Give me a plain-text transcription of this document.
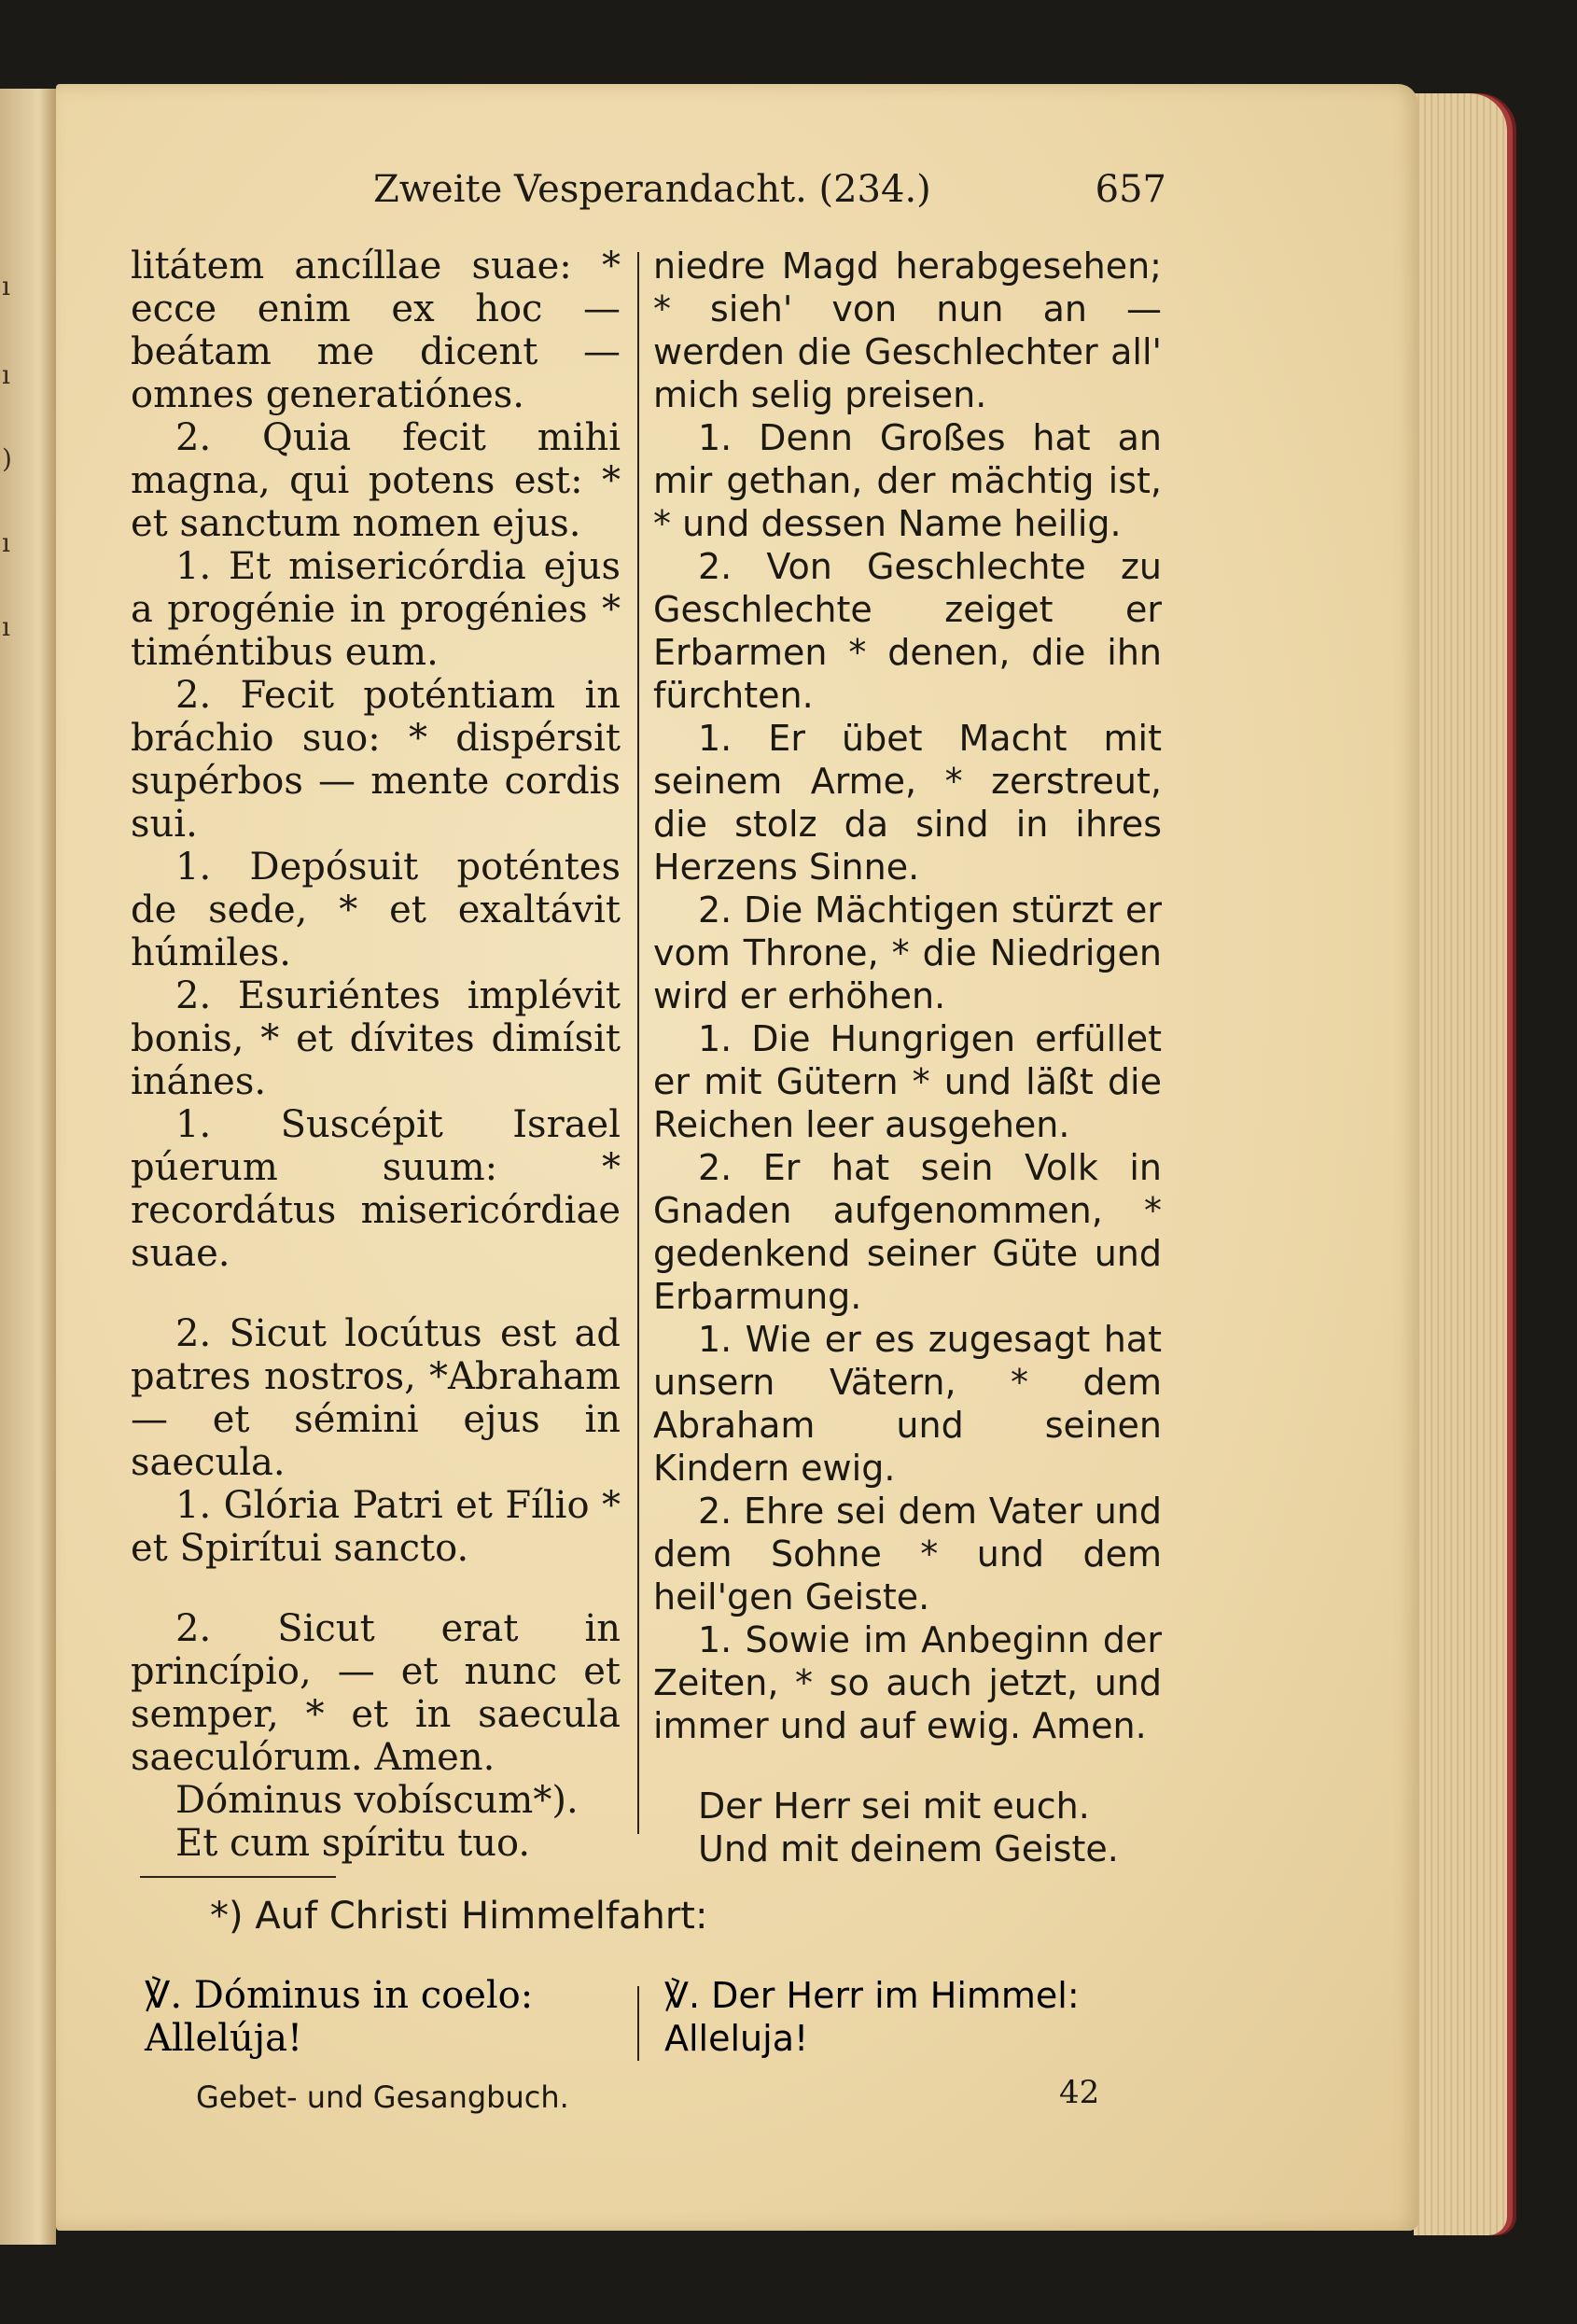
ı
ı
)
ı
ı
Zweite Vesperandacht. (234.)	657

litátem ancíllae suae: * ecce enim ex hoc — beátam me dicent — omnes generatiónes.

2. Quia fecit mihi magna, qui potens est: * et sanctum nomen ejus.

1. Et misericórdia ejus a progénie in progénies * timéntibus eum.

2. Fecit poténtiam in bráchio suo: * dispérsit supérbos — mente cordis sui.

1. Depósuit poténtes de sede, * et exaltávit húmiles.

2. Esuriéntes implévit bonis, * et dívites dimísit inánes.

1. Suscépit Israel púerum suum: * recordátus misericórdiae suae.

2. Sicut locútus est ad patres nostros, *Abraham — et sémini ejus in saecula.

1. Glória Patri et Fílio * et Spirítui sancto.

2. Sicut erat in princípio, — et nunc et semper, * et in saecula saeculórum. Amen.

Dóminus vobíscum*).

Et cum spíritu tuo.

niedre Magd herabgesehen; * sieh' von nun an — werden die Geschlechter all' mich selig preisen.

1. Denn Großes hat an mir gethan, der mächtig ist, * und dessen Name heilig.

2. Von Geschlechte zu Geschlechte zeiget er Erbarmen * denen, die ihn fürchten.

1. Er übet Macht mit seinem Arme, * zerstreut, die stolz da sind in ihres Herzens Sinne.

2. Die Mächtigen stürzt er vom Throne, * die Niedrigen wird er erhöhen.

1. Die Hungrigen erfüllet er mit Gütern * und läßt die Reichen leer ausgehen.

2. Er hat sein Volk in Gnaden aufgenommen, * gedenkend seiner Güte und Erbarmung.

1. Wie er es zugesagt hat unsern Vätern, * dem Abraham und seinen Kindern ewig.

2. Ehre sei dem Vater und dem Sohne * und dem heil'gen Geiste.

1. Sowie im Anbeginn der Zeiten, * so auch jetzt, und immer und auf ewig. Amen.

Der Herr sei mit euch.

Und mit deinem Geiste.

*) Auf Christi Himmelfahrt:

℣. Dóminus in coelo: Allelúja!

℣. Der Herr im Himmel: Alleluja!

Gebet- und Gesangbuch.	42
